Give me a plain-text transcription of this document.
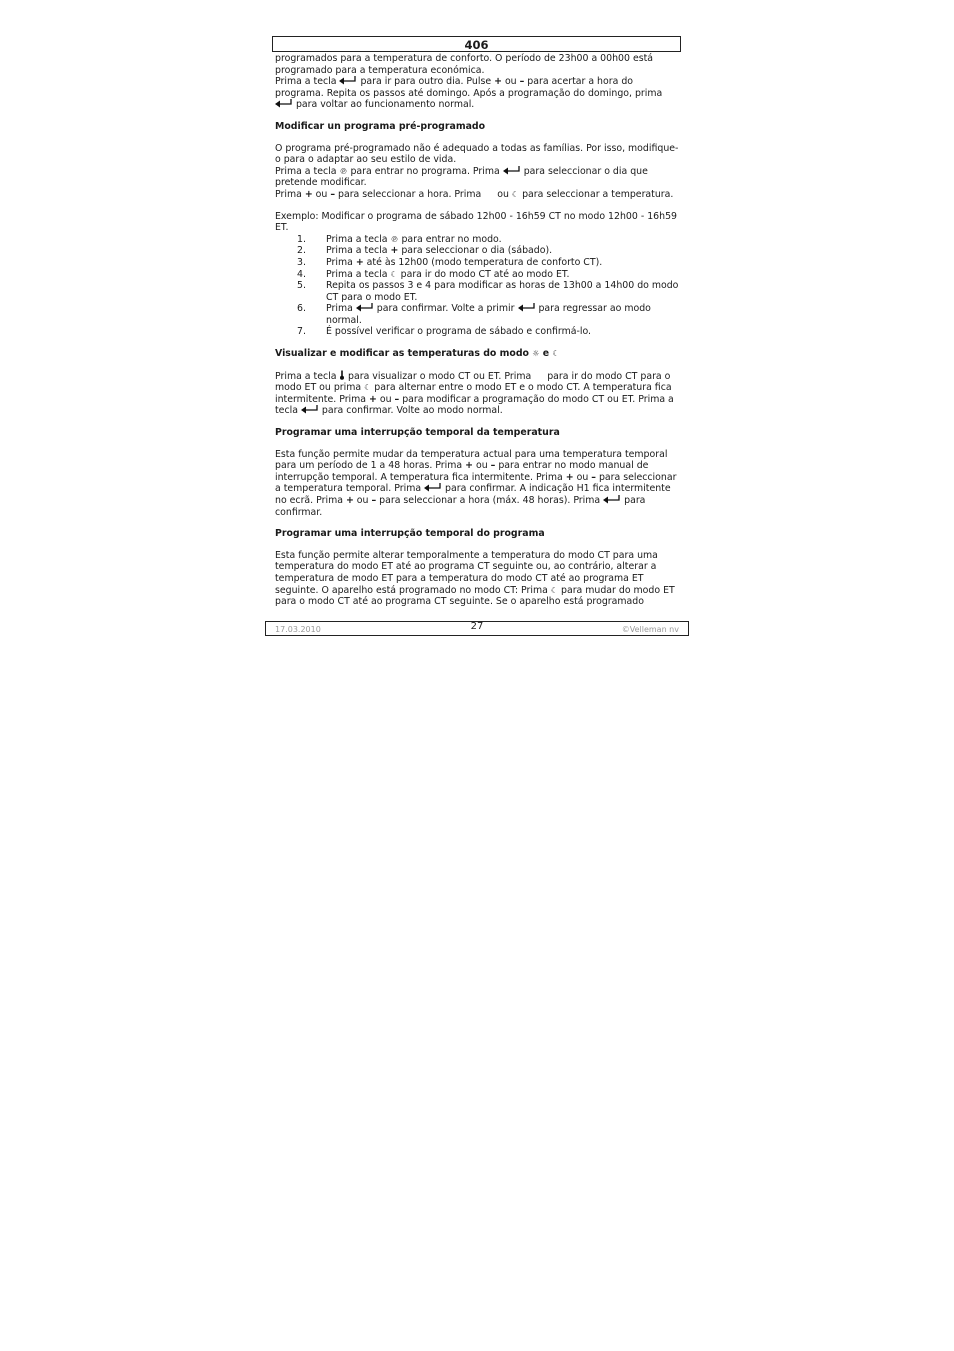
406

programados para a temperatura de conforto. O período de 23h00 a 00h00 está programado para a temperatura económica.

Prima a tecla	para ir para outro dia. Pulse + ou – para acertar a hora do programa. Repita os passos até domingo. Após a programação do domingo, prima
para voltar ao funcionamento normal.

Modificar un programa pré-programado

O programa pré-programado não é adequado a todas as famílias. Por isso, modifique-o para o adaptar ao seu estilo de vida.

Prima a tecla ℗ para entrar no programa. Prima	para seleccionar o dia que pretende modificar.

Prima + ou – para seleccionar a hora. Prima ou ☾ para seleccionar a temperatura.

Exemplo: Modificar o programa de sábado 12h00 - 16h59 CT no modo 12h00 - 16h59 ET.

1. Prima a tecla ℗ para entrar no modo.
2. Prima a tecla + para seleccionar o dia (sábado).
3. Prima + até às 12h00 (modo temperatura de conforto CT).
4. Prima a tecla ☾ para ir do modo CT até ao modo ET.
5. Repita os passos 3 e 4 para modificar as horas de 13h00 a 14h00 do modo CT para o modo ET.
6. Prima	para confirmar. Volte a primir	para regressar ao modo normal.
7. É possível verificar o programa de sábado e confirmá-lo.

Visualizar e modificar as temperaturas do modo ☼ e ☾

Prima a tecla para visualizar o modo CT ou ET. Prima para ir do modo CT para o modo ET ou prima ☾ para alternar entre o modo ET e o modo CT. A temperatura fica intermitente. Prima + ou – para modificar a programação do modo CT ou ET. Prima a tecla	para confirmar. Volte ao modo normal.

Programar uma interrupção temporal da temperatura

Esta função permite mudar da temperatura actual para uma temperatura temporal para um período de 1 a 48 horas. Prima + ou – para entrar no modo manual de interrupção temporal. A temperatura fica intermitente. Prima + ou – para seleccionar a temperatura temporal. Prima	para confirmar. A indicação H1 fica intermitente no ecrã. Prima + ou – para seleccionar a hora (máx. 48 horas). Prima	para confirmar.

Programar uma interrupção temporal do programa

Esta função permite alterar temporalmente a temperatura do modo CT para uma temperatura do modo ET até ao programa CT seguinte ou, ao contrário, alterar a temperatura de modo ET para a temperatura do modo CT até ao programa ET seguinte. O aparelho está programado no modo CT: Prima ☾ para mudar do modo ET para o modo CT até ao programa CT seguinte. Se o aparelho está programado

17.03.2010	27	©Velleman nv
